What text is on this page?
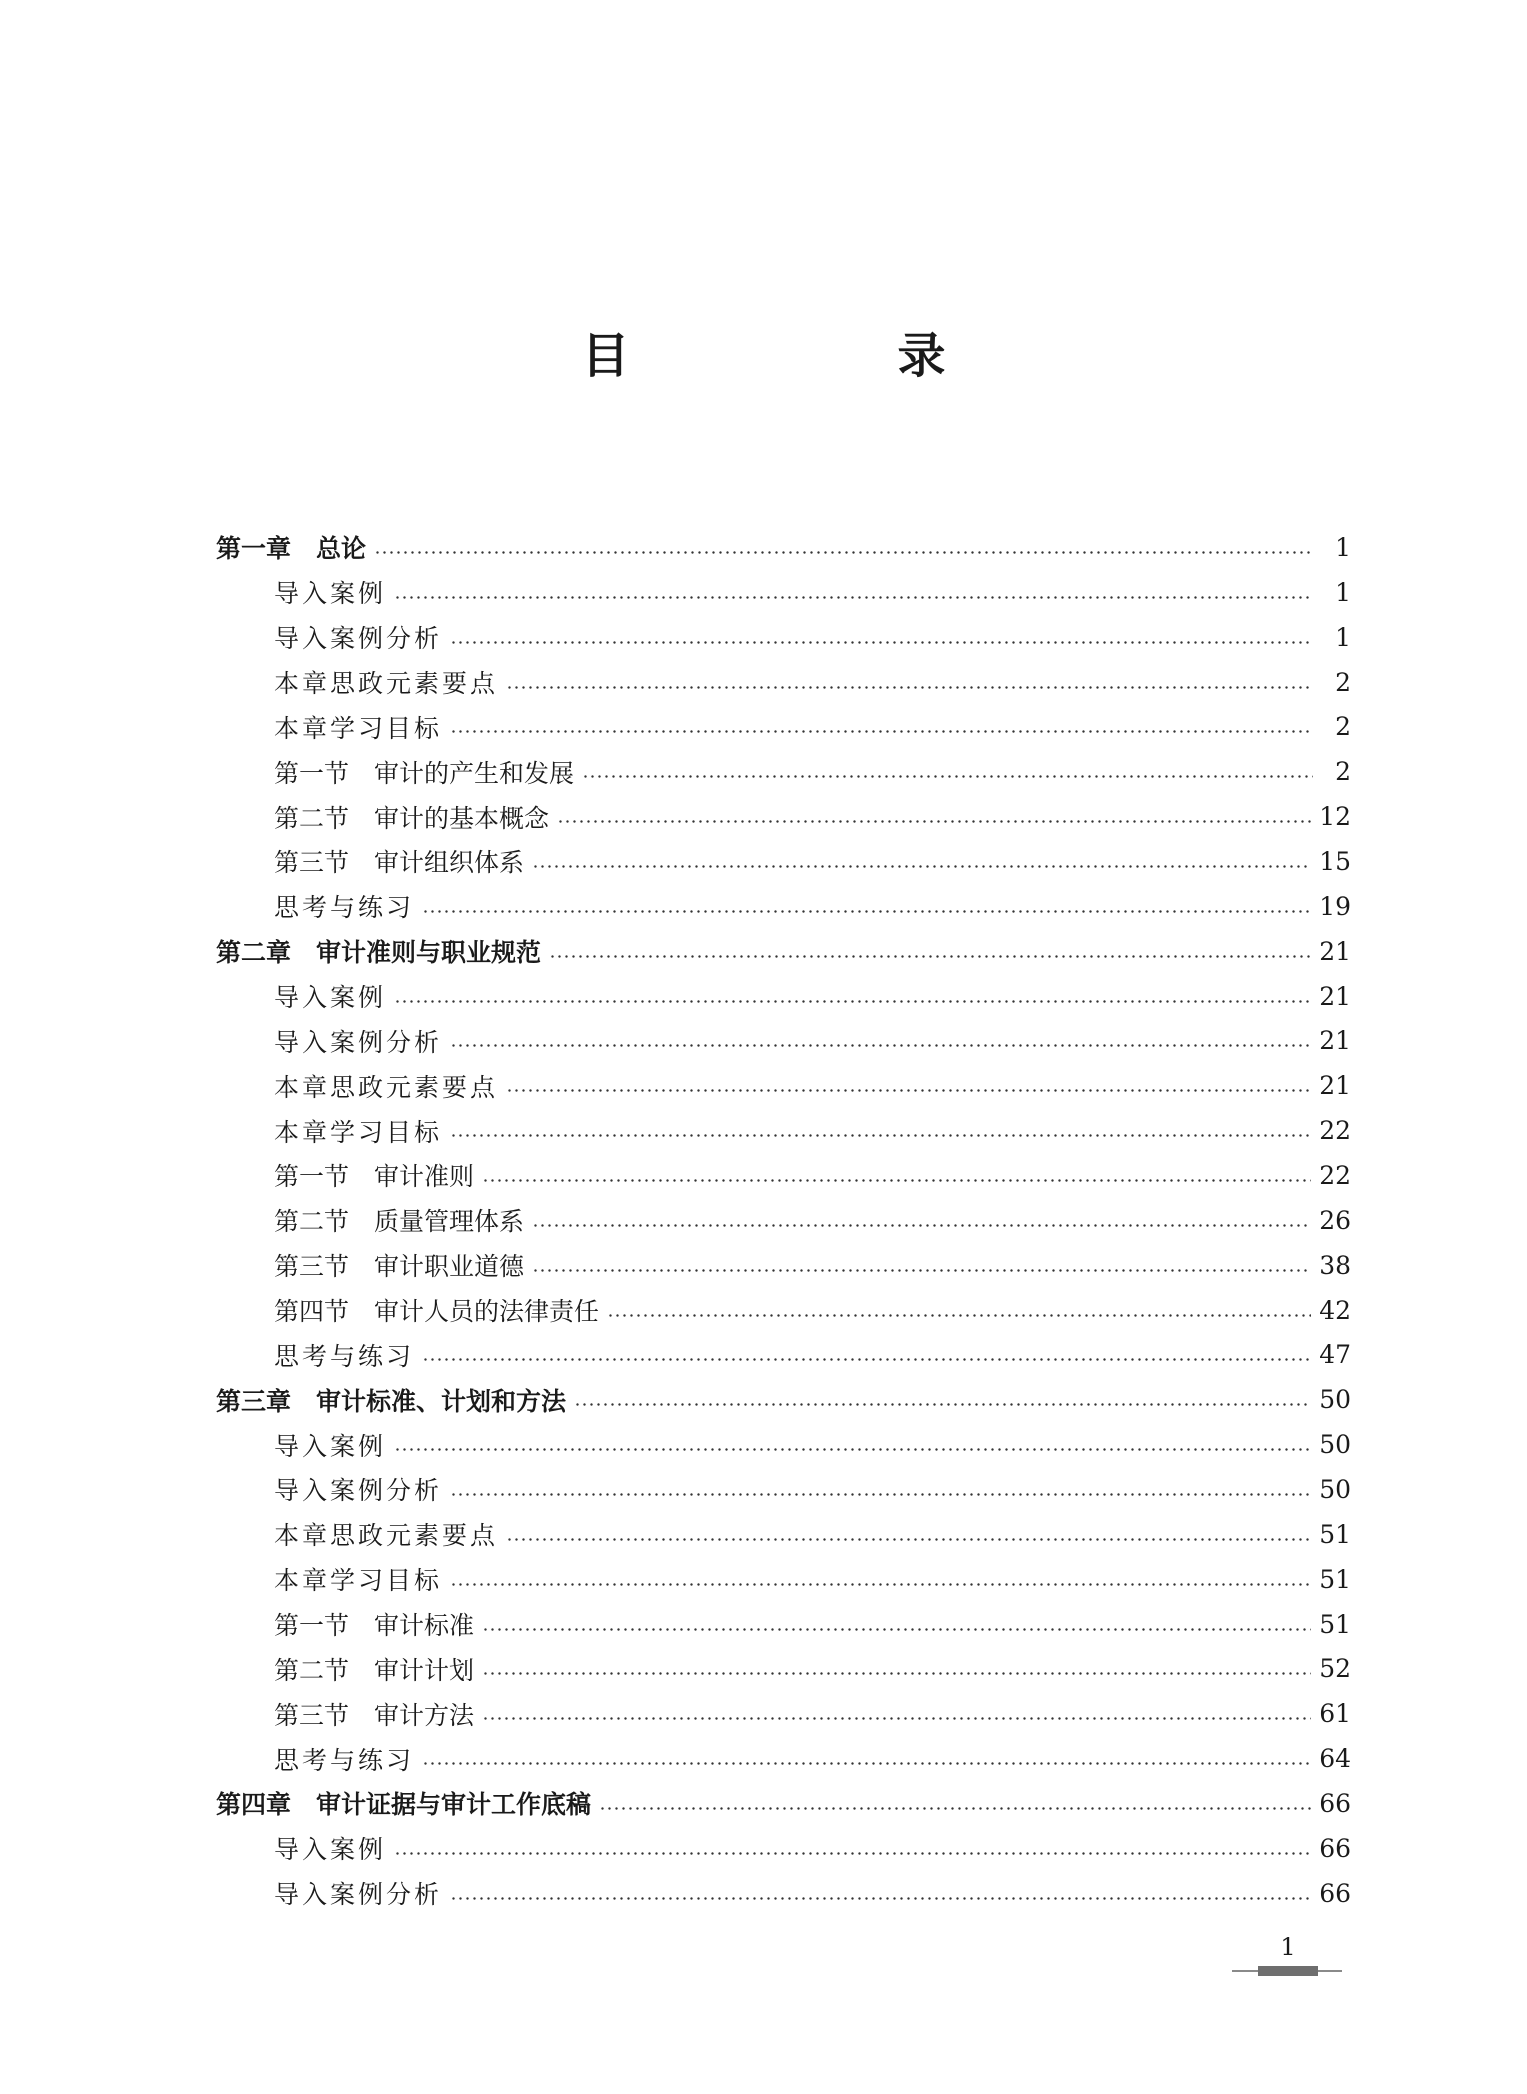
目　录
第一章　总论	1
导入案例	1
导入案例分析	1
本章思政元素要点	2
本章学习目标	2
第一节　审计的产生和发展	2
第二节　审计的基本概念	12
第三节　审计组织体系	15
思考与练习	19
第二章　审计准则与职业规范	21
导入案例	21
导入案例分析	21
本章思政元素要点	21
本章学习目标	22
第一节　审计准则	22
第二节　质量管理体系	26
第三节　审计职业道德	38
第四节　审计人员的法律责任	42
思考与练习	47
第三章　审计标准、计划和方法	50
导入案例	50
导入案例分析	50
本章思政元素要点	51
本章学习目标	51
第一节　审计标准	51
第二节　审计计划	52
第三节　审计方法	61
思考与练习	64
第四章　审计证据与审计工作底稿	66
导入案例	66
导入案例分析	66
1
